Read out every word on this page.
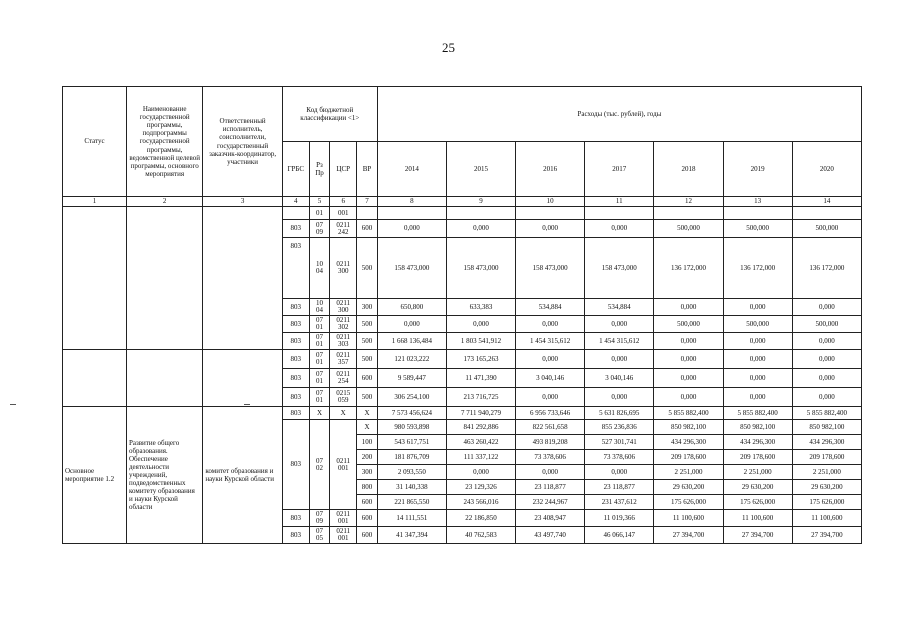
25
Статус	Наименование государственной программы, подпрограммы государственной программы, ведомственной целевой программы, основного мероприятия	Ответственный исполнитель, соисполнители, государственный заказчик-координатор, участники	Код бюджетной классификации <1>				Расходы (тыс. рублей), годы						
			ГРБС	Рз Пр	ЦСР	ВР	2014	2015	2016	2017	2018	2019	2020
1	2	3	4	5	6	7	8	9	10	11	12	13	14
				01	001								
			803	07 09	0211 242	600	0,000	0,000	0,000	0,000	500,000	500,000	500,000
			803	10 04	0211 300	500	158 473,000	158 473,000	158 473,000	158 473,000	136 172,000	136 172,000	136 172,000
			803	10 04	0211 300	300	650,800	633,383	534,884	534,884	0,000	0,000	0,000
			803	07 01	0211 302	500	0,000	0,000	0,000	0,000	500,000	500,000	500,000
			803	07 01	0211 303	500	1 668 136,484	1 803 541,912	1 454 315,612	1 454 315,612	0,000	0,000	0,000
			803	07 01	0211 357	500	121 023,222	173 165,263	0,000	0,000	0,000	0,000	0,000
			803	07 01	0211 254	600	9 589,447	11 471,390	3 040,146	3 040,146	0,000	0,000	0,000
			803	07 01	0215 059	500	306 254,100	213 716,725	0,000	0,000	0,000	0,000	0,000
Основное мероприятие 1.2	Развитие общего образования. Обеспечение деятельности учреждений, подведомственных комитету образования и науки Курской области	комитет образования и науки Курской области	803	X	X	X	7 573 456,624	7 711 940,279	6 956 733,646	5 631 826,695	5 855 882,400	5 855 882,400	5 855 882,400
			803	07 02	0211 001	X	980 593,898	841 292,886	822 561,658	855 236,836	850 982,100	850 982,100	850 982,100
						100	543 617,751	463 260,422	493 819,208	527 301,741	434 296,300	434 296,300	434 296,300
						200	181 876,709	111 337,122	73 378,606	73 378,606	209 178,600	209 178,600	209 178,600
						300	2 093,550	0,000	0,000	0,000	2 251,000	2 251,000	2 251,000
						800	31 140,338	23 129,326	23 118,877	23 118,877	29 630,200	29 630,200	29 630,200
						600	221 865,550	243 566,016	232 244,967	231 437,612	175 626,000	175 626,000	175 626,000
			803	07 09	0211 001	600	14 111,551	22 186,850	23 408,947	11 019,366	11 100,600	11 100,600	11 100,600
			803	07 05	0211 001	600	41 347,394	40 762,583	43 497,740	46 066,147	27 394,700	27 394,700	27 394,700
